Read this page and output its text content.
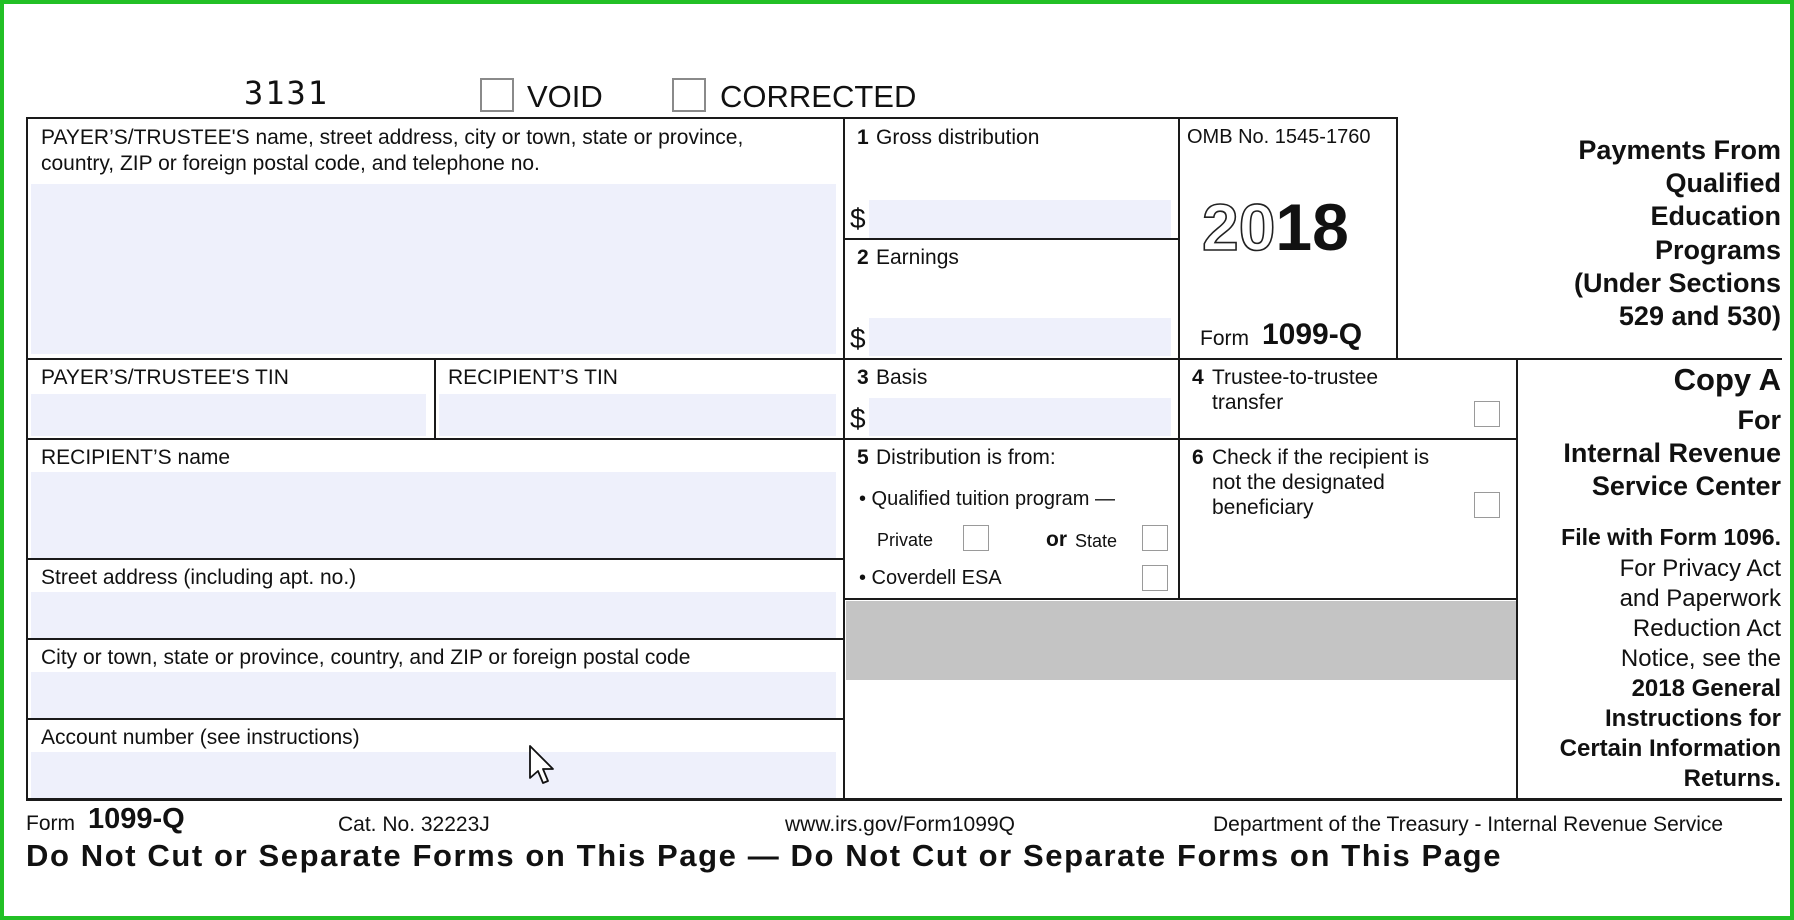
3131	VOID	CORRECTED
PAYER’S/TRUSTEE'S name, street address, city or town, state or province,
country, ZIP or foreign postal code, and telephone no.
1 Gross distribution
$
2 Earnings
$
OMB No. 1545-1760
2018
Form 1099-Q
Payments From
Qualified
Education
Programs
(Under Sections
529 and 530)
PAYER’S/TRUSTEE'S TIN	RECIPIENT’S TIN	3 Basis
$
4 Trustee-to-trustee
transfer
Copy A
For
Internal Revenue
Service Center
File with Form 1096.
For Privacy Act
and Paperwork
Reduction Act
Notice, see the
2018 General
Instructions for
Certain Information
Returns.
RECIPIENT’S name	5 Distribution is from:
• Qualified tuition program —
Private	or State
• Coverdell ESA
6 Check if the recipient is
not the designated
beneficiary
Street address (including apt. no.)
City or town, state or province, country, and ZIP or foreign postal code
Account number (see instructions)
Form 1099-Q	Cat. No. 32223J	www.irs.gov/Form1099Q	Department of the Treasury - Internal Revenue Service
Do Not Cut or Separate Forms on This Page — Do Not Cut or Separate Forms on This Page
